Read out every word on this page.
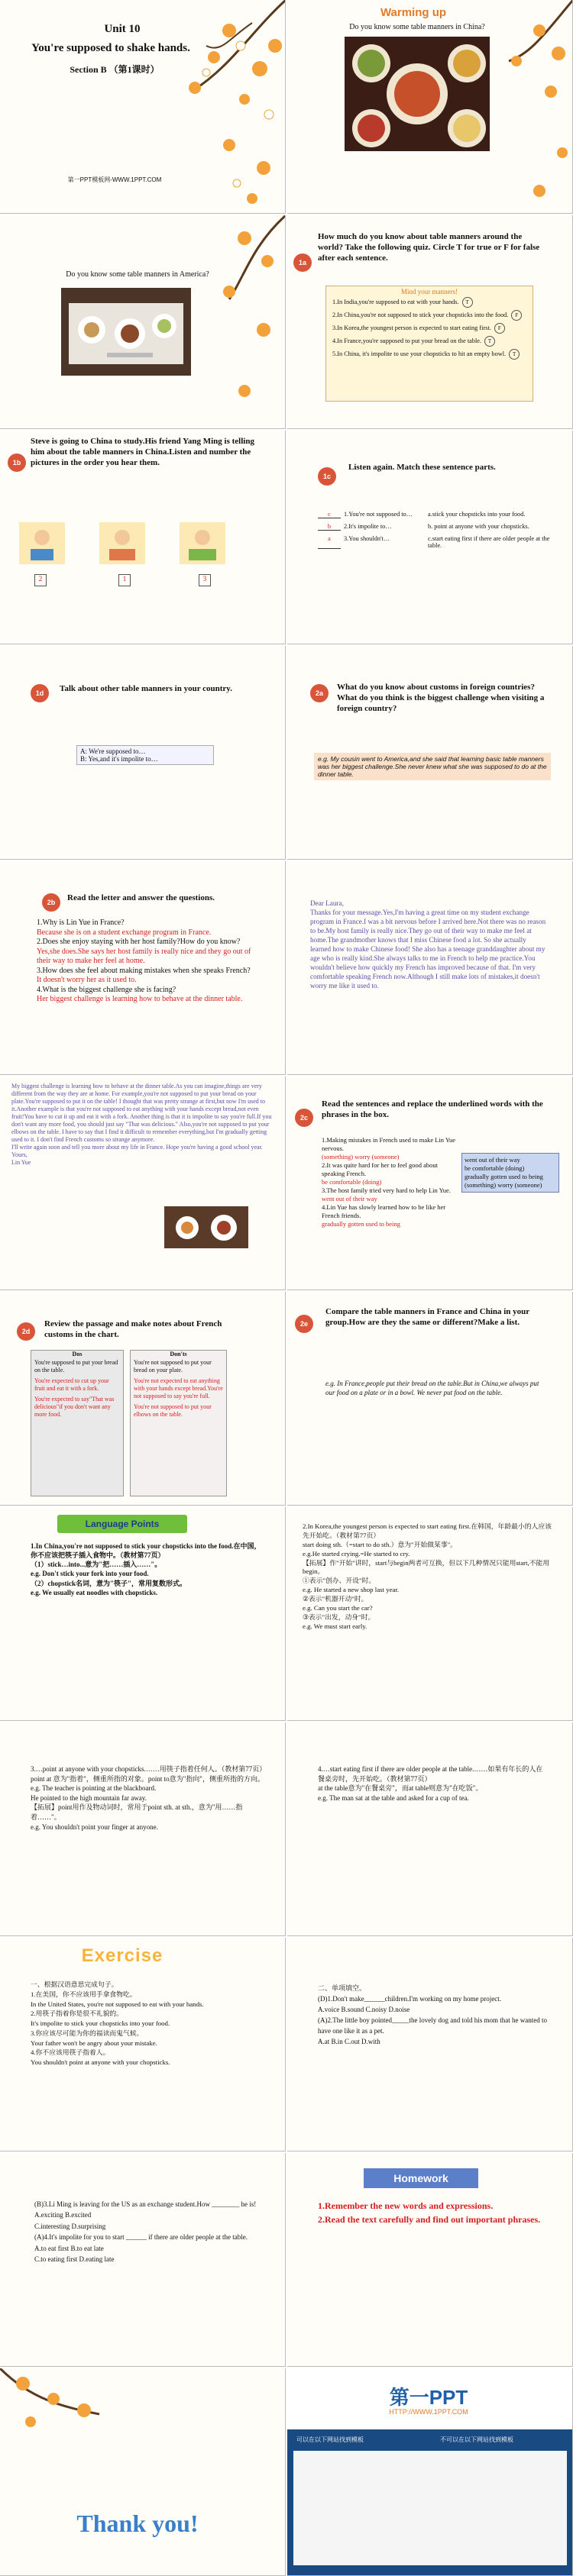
Unit 10
You're supposed to shake hands.
Section B （第1课时）
第一PPT模板网-WWW.1PPT.COM
Warming up
Do you know some table manners in China?
Do you know some table manners in America?
1a
How much do you know about table manners around the world? Take the following quiz. Circle T for true or F for false after each sentence.
Mind your manners!
1.In India,you're supposed to eat with your hands. T
2.In China,you're not supposed to stick your chopsticks into the food. F
3.In Korea,the youngest person is expected to start eating first. F
4.In France,you're supposed to put your bread on the table. T
5.In China, it's impolite to use your chopsticks to hit an empty bowl. T
1b
Steve is going to China to study.His friend Yang Ming is telling him about the table manners in China.Listen and number the pictures in the order you hear them.
2	1	3
1c
Listen again. Match these sentence parts.
c	1.You're not supposed to…	a.stick your chopsticks into your food.
b	2.It's impolite to…	b. point at anyone with your chopsticks.
a	3.You shouldn't…	c.start eating first if there are older people at the table.
1d	Talk about other table manners in your country.
A: We're supposed to…
B: Yes,and it's impolite to…
2a
What do you know about customs in foreign countries? What do you think is the biggest challenge when visiting a foreign country?
e.g. My cousin went to America,and she said that learning basic table manners was her biggest challenge.She never knew what she was supposed to do at the dinner table.
2b	Read the letter and answer the questions.
1.Why is Lin Yue in France?
Because she is on a student exchange program in France.
2.Does she enjoy staying with her host family?How do you know?
Yes,she does.She says her host family is really nice and they go out of their way to make her feel at home.
3.How does she feel about making mistakes when she speaks French?
It doesn't worry her as it used to.
4.What is the biggest challenge she is facing?
Her biggest challenge is learning how to behave at the dinner table.
Dear Laura,
Thanks for your message.Yes,I'm having a great time on my student exchange program in France.I was a bit nervous before I arrived here.Not there was no reason to be.My host family is really nice.They go out of their way to make me feel at home.The grandmother knows that I miss Chinese food a lot. So she actually learned how to make Chinese food! She also has a teenage granddaughter about my age who is really kind.She always talks to me in French to help me practice.You wouldn't believe how quickly my French has improved because of that. I'm very comfortable speaking French now.Although I still make lots of mistakes,it doesn't worry me like it used to.
My biggest challenge is learning how to behave at the dinner table.As you can imagine,things are very different from the way they are at home. For example,you're not supposed to put your bread on your plate.You're supposed to put it on the table! I thought that was pretty strange at first,but now I'm used to it.Another example is that you're not supposed to eat anything with your hands except bread,not even fruit!You have to cut it up and eat it with a fork. Another thing is that it is impolite to say you're full.If you don't want any more food, you should just say "That was delicious." Also,you're not supposed to put your elbows on the table. I have to say that I find it difficult to remember everything,but I'm gradually getting used to it. I don't find French customs so strange anymore.
I'll write again soon and tell you more about my life in France. Hope you're having a good school year.
Yours,
Lin Yue
2c
Read the sentences and replace the underlined words with the phrases in the box.
1.Making mistakes in French used to make Lin Yue nervous.
(something) worry (someone)
2.It was quite hard for her to feel good about speaking French.
be comfortable (doing)
3.The host family tried very hard to help Lin Yue.
went out of their way
4.Lin Yue has slowly learned how to be like her French friends.
gradually gotten used to being
went out of their way
be comfortable (doing)
gradually gotten used to being
(something) worry (someone)
2d
Review the passage and make notes about French customs in the chart.
Dos
You're supposed to put your bread on the table.
You're expected to cut up your fruit and eat it with a fork.
You're expected to say"That was delicious"if you don't want any more food.
Don'ts
You're not supposed to put your bread on your plate.
You're not expected to eat anything with your hands except bread.You're not supposed to say you're full.
You're not supposed to put your elbows on the table.
2e
Compare the table manners in France and China in your group.How are they the same or different?Make a list.
e.g. In France,people put their bread on the table.But in China,we always put our food on a plate or in a bowl. We never put food on the table.
Language Points
1.In China,you're not supposed to stick your chopsticks into the food.在中国，你不应该把筷子插入食物中。（教材第77页）
（1）stick…into...意为"把……插入……"。
e.g. Don't stick your fork into your food.
（2）chopstick名词，意为"筷子"，常用复数形式。
e.g. We usually eat noodles with chopsticks.
2.In Korea,the youngest person is expected to start eating first.在韩国，年龄最小的人应该先开始吃。（教材第77页）
start doing sth.（=start to do sth.）意为"开始做某事"。
e.g.He started crying.=He started to cry.
【拓展】作"开始"讲时，start与begin两者可互换，但以下几种情况只能用start,不能用begin。
①表示"创办、开设"时。
e.g. He started a new shop last year.
②表示"机器开动"时。
e.g. Can you start the car?
③表示"出发，动身"时。
e.g. We must start early.
3.…point at anyone with your chopsticks.……用筷子指着任何人。（教材第77页）
point at 意为"指着"，侧重所指的对象。point to意为"指向"，侧重所指的方向。
e.g. The teacher is pointing at the blackboard.
He pointed to the high mountain far away.
【拓展】point用作及物动词时，常用于point sth. at sth.，意为"用……指着……"。
e.g. You shouldn't point your finger at anyone.
4.…start eating first if there are older people at the table.……如果有年长的人在餐桌旁时，先开始吃。（教材第77页）
at the table意为"在餐桌旁"，而at table则意为"在吃饭"。
e.g. The man sat at the table and asked for a cup of tea.
Exercise
一、根据汉语意思完成句子。
1.在美国，你不应该用手拿食物吃。
In the United States, you're not supposed to eat with your hands.
2.用筷子指着你是很不礼貌的。
It's impolite to stick your chopsticks into your food.
3.你应该尽可能为你的福读而鬼气候。
Your father won't be angry about your mistake.
4.你不应该用筷子指着人。
You shouldn't point at anyone with your chopsticks.
二、单项填空。
(D)1.Don't make______children.I'm working on my home project.
A.voice B.sound C.noisy D.noise
(A)2.The little boy pointed_____the lovely dog and told his mom that he wanted to have one like it as a pet.
A.at B.in C.out D.with
(B)3.Li Ming is leaving for the US as an exchange student.How ________ he is!
A.exciting B.excited
C.interesting D.surprising
(A)4.It's impolite for you to start ______ if there are older people at the table.
A.to eat first B.to eat late
C.to eating first D.eating late
Homework
1.Remember the new words and expressions.
2.Read the text carefully and find out important phrases.
Thank you!
第一PPT
HTTP://WWW.1PPT.COM
可以在以下网站找到模板	不可以在以下网站找到模板
